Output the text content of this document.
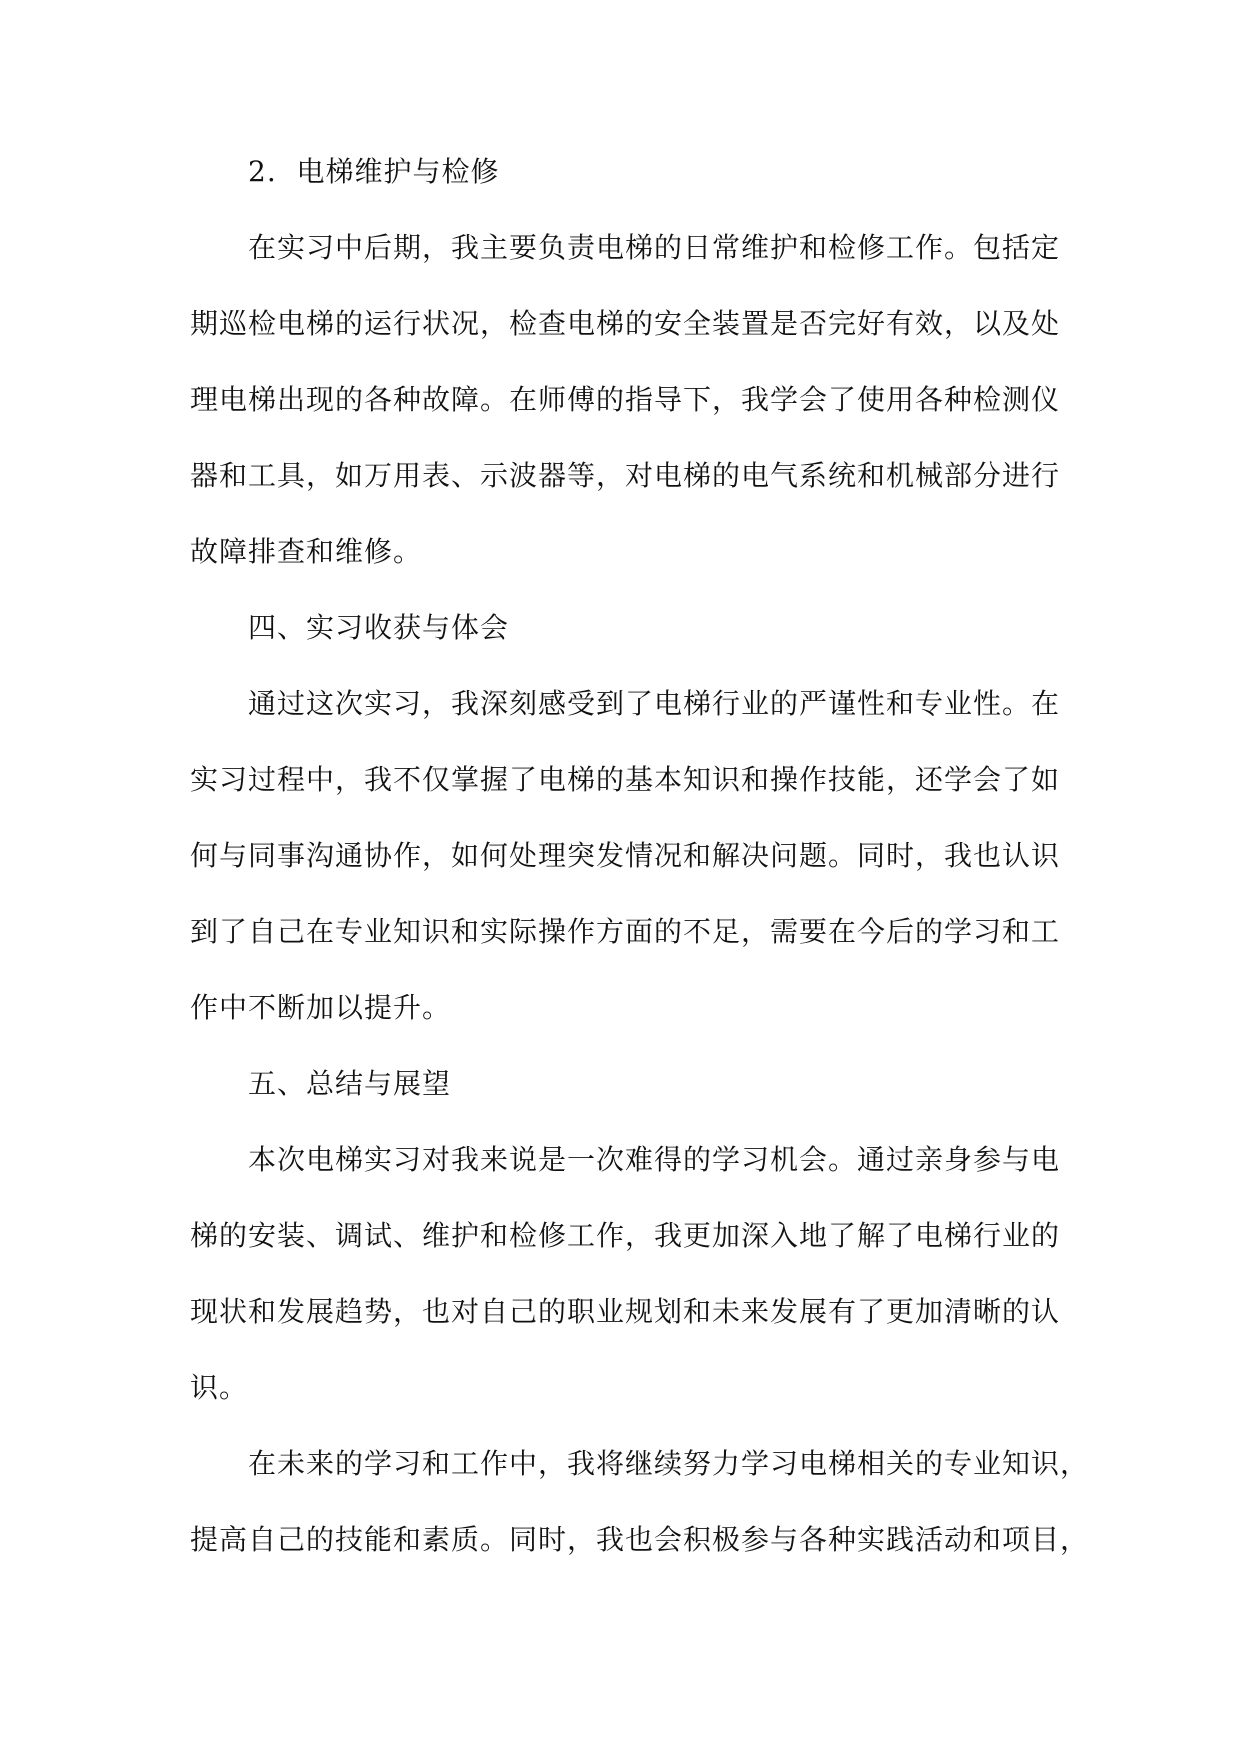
2.  电梯维护与检修
在实习中后期，我主要负责电梯的日常维护和检修工作。包括定
期巡检电梯的运行状况，检查电梯的安全装置是否完好有效，以及处
理电梯出现的各种故障。在师傅的指导下，我学会了使用各种检测仪
器和工具，如万用表、示波器等，对电梯的电气系统和机械部分进行
故障排查和维修。
四、实习收获与体会
通过这次实习，我深刻感受到了电梯行业的严谨性和专业性。在
实习过程中，我不仅掌握了电梯的基本知识和操作技能，还学会了如
何与同事沟通协作，如何处理突发情况和解决问题。同时，我也认识
到了自己在专业知识和实际操作方面的不足，需要在今后的学习和工
作中不断加以提升。
五、总结与展望
本次电梯实习对我来说是一次难得的学习机会。通过亲身参与电
梯的安装、调试、维护和检修工作，我更加深入地了解了电梯行业的
现状和发展趋势，也对自己的职业规划和未来发展有了更加清晰的认
识。
在未来的学习和工作中，我将继续努力学习电梯相关的专业知识，
提高自己的技能和素质。同时，我也会积极参与各种实践活动和项目，
